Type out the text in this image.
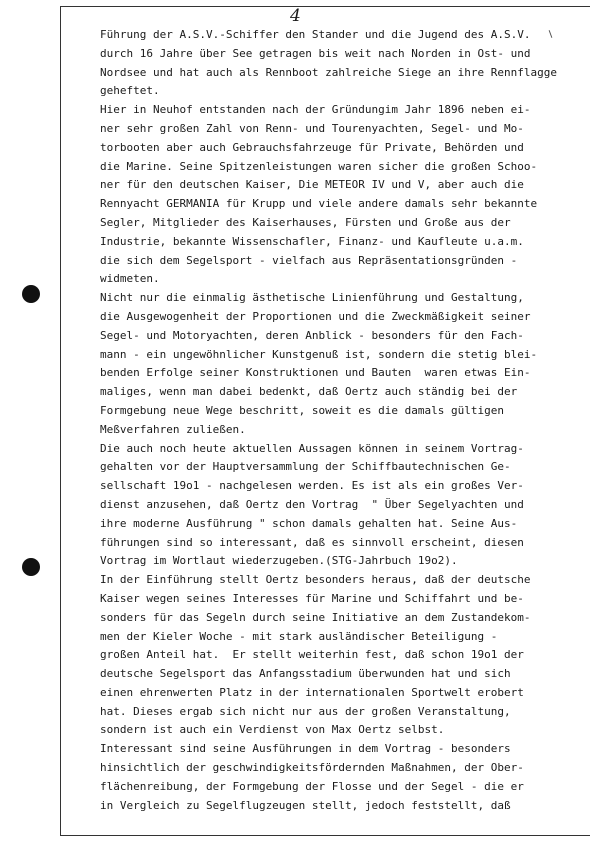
4
Führung der A.S.V.-Schiffer den Stander und die Jugend des A.S.V.
durch 16 Jahre über See getragen bis weit nach Norden in Ost- und
Nordsee und hat auch als Rennboot zahlreiche Siege an ihre Rennflagge
geheftet.
Hier in Neuhof entstanden nach der Gründungim Jahr 1896 neben ei-
ner sehr großen Zahl von Renn- und Tourenyachten, Segel- und Mo-
torbooten aber auch Gebrauchsfahrzeuge für Private, Behörden und
die Marine. Seine Spitzenleistungen waren sicher die großen Schoo-
ner für den deutschen Kaiser, Die METEOR IV und V, aber auch die
Rennyacht GERMANIA für Krupp und viele andere damals sehr bekannte
Segler, Mitglieder des Kaiserhauses, Fürsten und Große aus der
Industrie, bekannte Wissenschafler, Finanz- und Kaufleute u.a.m.
die sich dem Segelsport - vielfach aus Repräsentationsgründen -
widmeten.
Nicht nur die einmalig ästhetische Linienführung und Gestaltung,
die Ausgewogenheit der Proportionen und die Zweckmäßigkeit seiner
Segel- und Motoryachten, deren Anblick - besonders für den Fach-
mann - ein ungewöhnlicher Kunstgenuß ist, sondern die stetig blei-
benden Erfolge seiner Konstruktionen und Bauten  waren etwas Ein-
maliges, wenn man dabei bedenkt, daß Oertz auch ständig bei der
Formgebung neue Wege beschritt, soweit es die damals gültigen
Meßverfahren zuließen.
Die auch noch heute aktuellen Aussagen können in seinem Vortrag-
gehalten vor der Hauptversammlung der Schiffbautechnischen Ge-
sellschaft 19o1 - nachgelesen werden. Es ist als ein großes Ver-
dienst anzusehen, daß Oertz den Vortrag  " Über Segelyachten und
ihre moderne Ausführung " schon damals gehalten hat. Seine Aus-
führungen sind so interessant, daß es sinnvoll erscheint, diesen
Vortrag im Wortlaut wiederzugeben.(STG-Jahrbuch 19o2).
In der Einführung stellt Oertz besonders heraus, daß der deutsche
Kaiser wegen seines Interesses für Marine und Schiffahrt und be-
sonders für das Segeln durch seine Initiative an dem Zustandekom-
men der Kieler Woche - mit stark ausländischer Beteiligung -
großen Anteil hat.  Er stellt weiterhin fest, daß schon 19o1 der
deutsche Segelsport das Anfangsstadium überwunden hat und sich
einen ehrenwerten Platz in der internationalen Sportwelt erobert
hat. Dieses ergab sich nicht nur aus der großen Veranstaltung,
sondern ist auch ein Verdienst von Max Oertz selbst.
Interessant sind seine Ausführungen in dem Vortrag - besonders
hinsichtlich der geschwindigkeitsfördernden Maßnahmen, der Ober-
flächenreibung, der Formgebung der Flosse und der Segel - die er
in Vergleich zu Segelflugzeugen stellt, jedoch feststellt, daß
